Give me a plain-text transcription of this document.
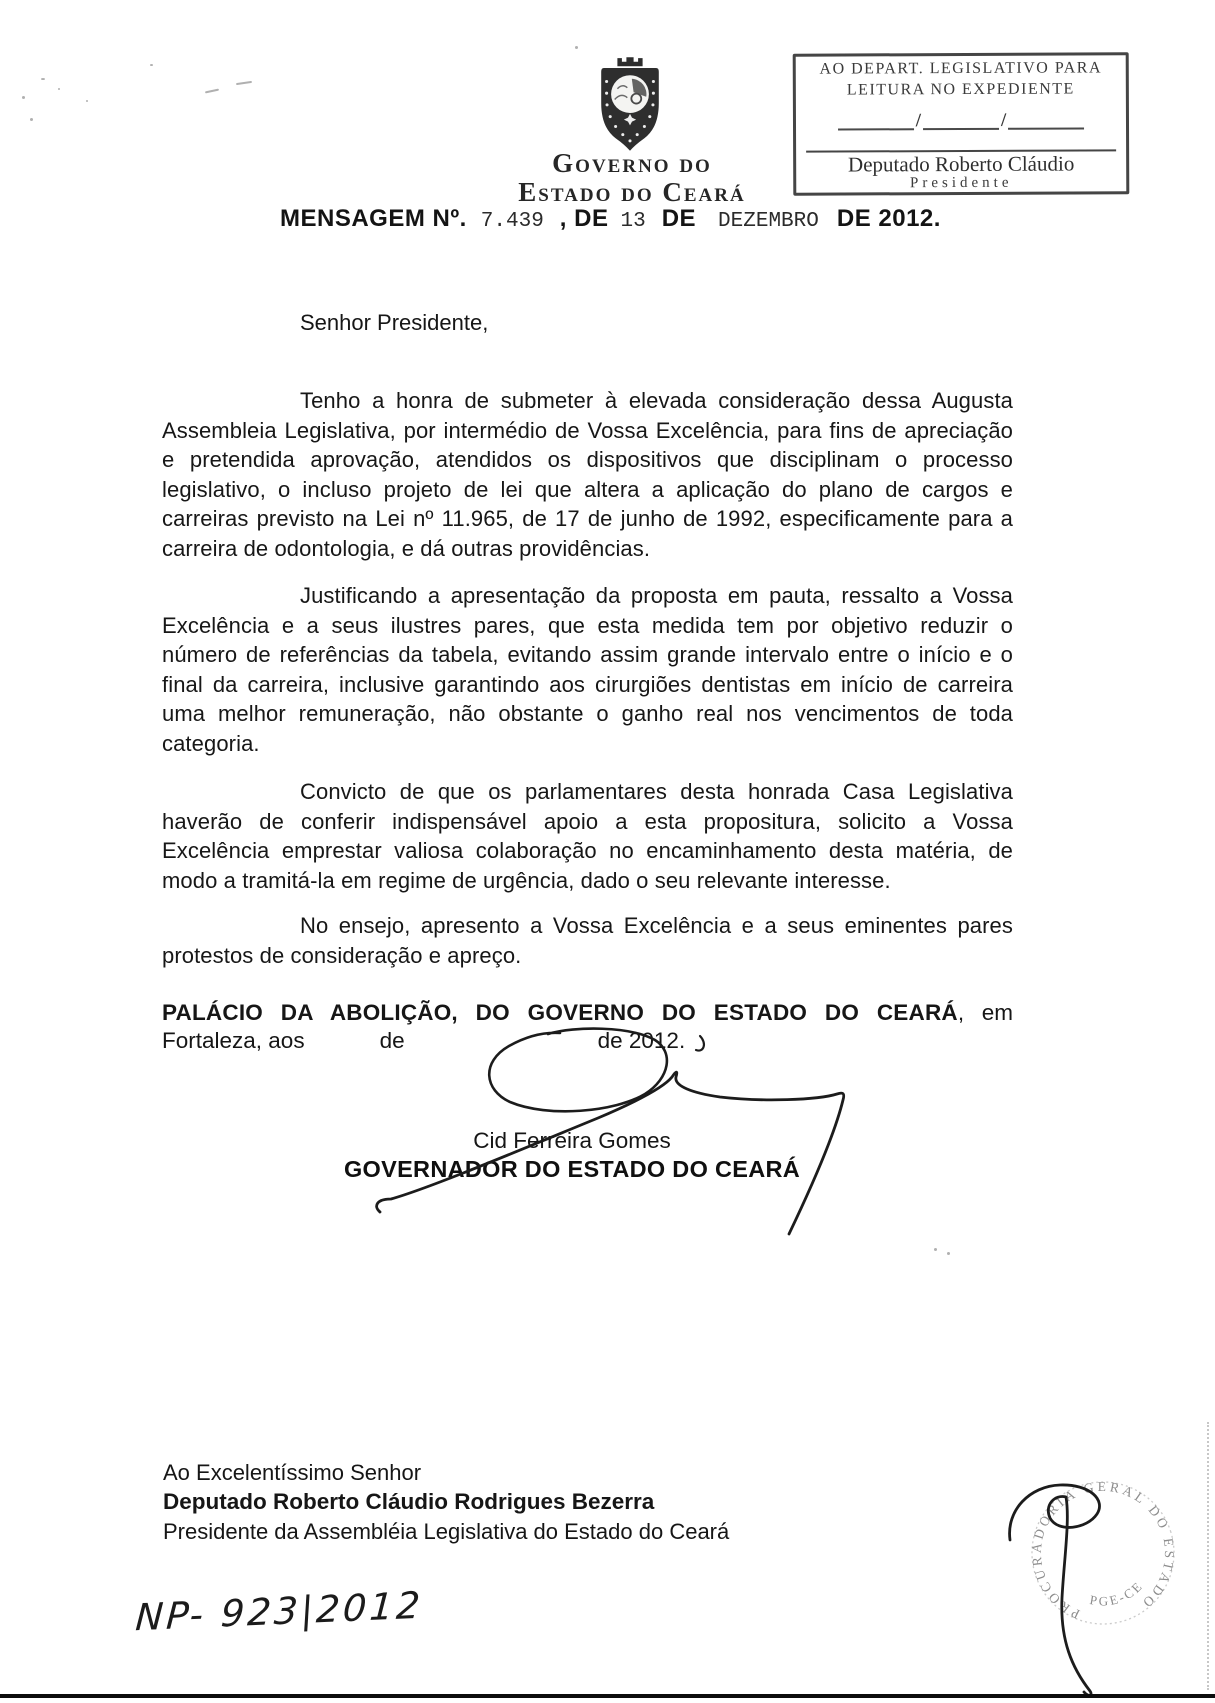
Governo do
Estado do Ceará
AO DEPART. LEGISLATIVO PARA
LEITURA NO EXPEDIENTE
/	/
Deputado Roberto Cláudio
Presidente
MENSAGEM Nº. 7.439 , DE 13 DE DEZEMBRO DE 2012.
Senhor Presidente,
Tenho a honra de submeter à elevada consideração dessa Augusta Assembleia Legislativa, por intermédio de Vossa Excelência, para fins de apreciação e pretendida aprovação, atendidos os dispositivos que disciplinam o processo legislativo, o incluso projeto de lei que altera a aplicação do plano de cargos e carreiras previsto na Lei nº 11.965, de 17 de junho de 1992, especificamente para a carreira de odontologia, e dá outras providências.
Justificando a apresentação da proposta em pauta, ressalto a Vossa Excelência e a seus ilustres pares, que esta medida tem por objetivo reduzir o número de referências da tabela, evitando assim grande intervalo entre o início e o final da carreira, inclusive garantindo aos cirurgiões dentistas em início de carreira uma melhor remuneração, não obstante o ganho real nos vencimentos de toda categoria.
Convicto de que os parlamentares desta honrada Casa Legislativa haverão de conferir indispensável apoio a esta propositura, solicito a Vossa Excelência emprestar valiosa colaboração no encaminhamento desta matéria, de modo a tramitá-la em regime de urgência, dado o seu relevante interesse.
No ensejo, apresento a Vossa Excelência e a seus eminentes pares protestos de consideração e apreço.
PALÁCIO DA ABOLIÇÃO, DO GOVERNO DO ESTADO DO CEARÁ, em
Fortaleza, aos	de	de 2012.
Cid Ferreira Gomes
GOVERNADOR DO ESTADO DO CEARÁ
Ao Excelentíssimo Senhor
Deputado Roberto Cláudio Rodrigues Bezerra
Presidente da Assembléia Legislativa do Estado do Ceará
NP- 923|2012	PROCURADORIA GERAL DO ESTADO
PGE-CE
